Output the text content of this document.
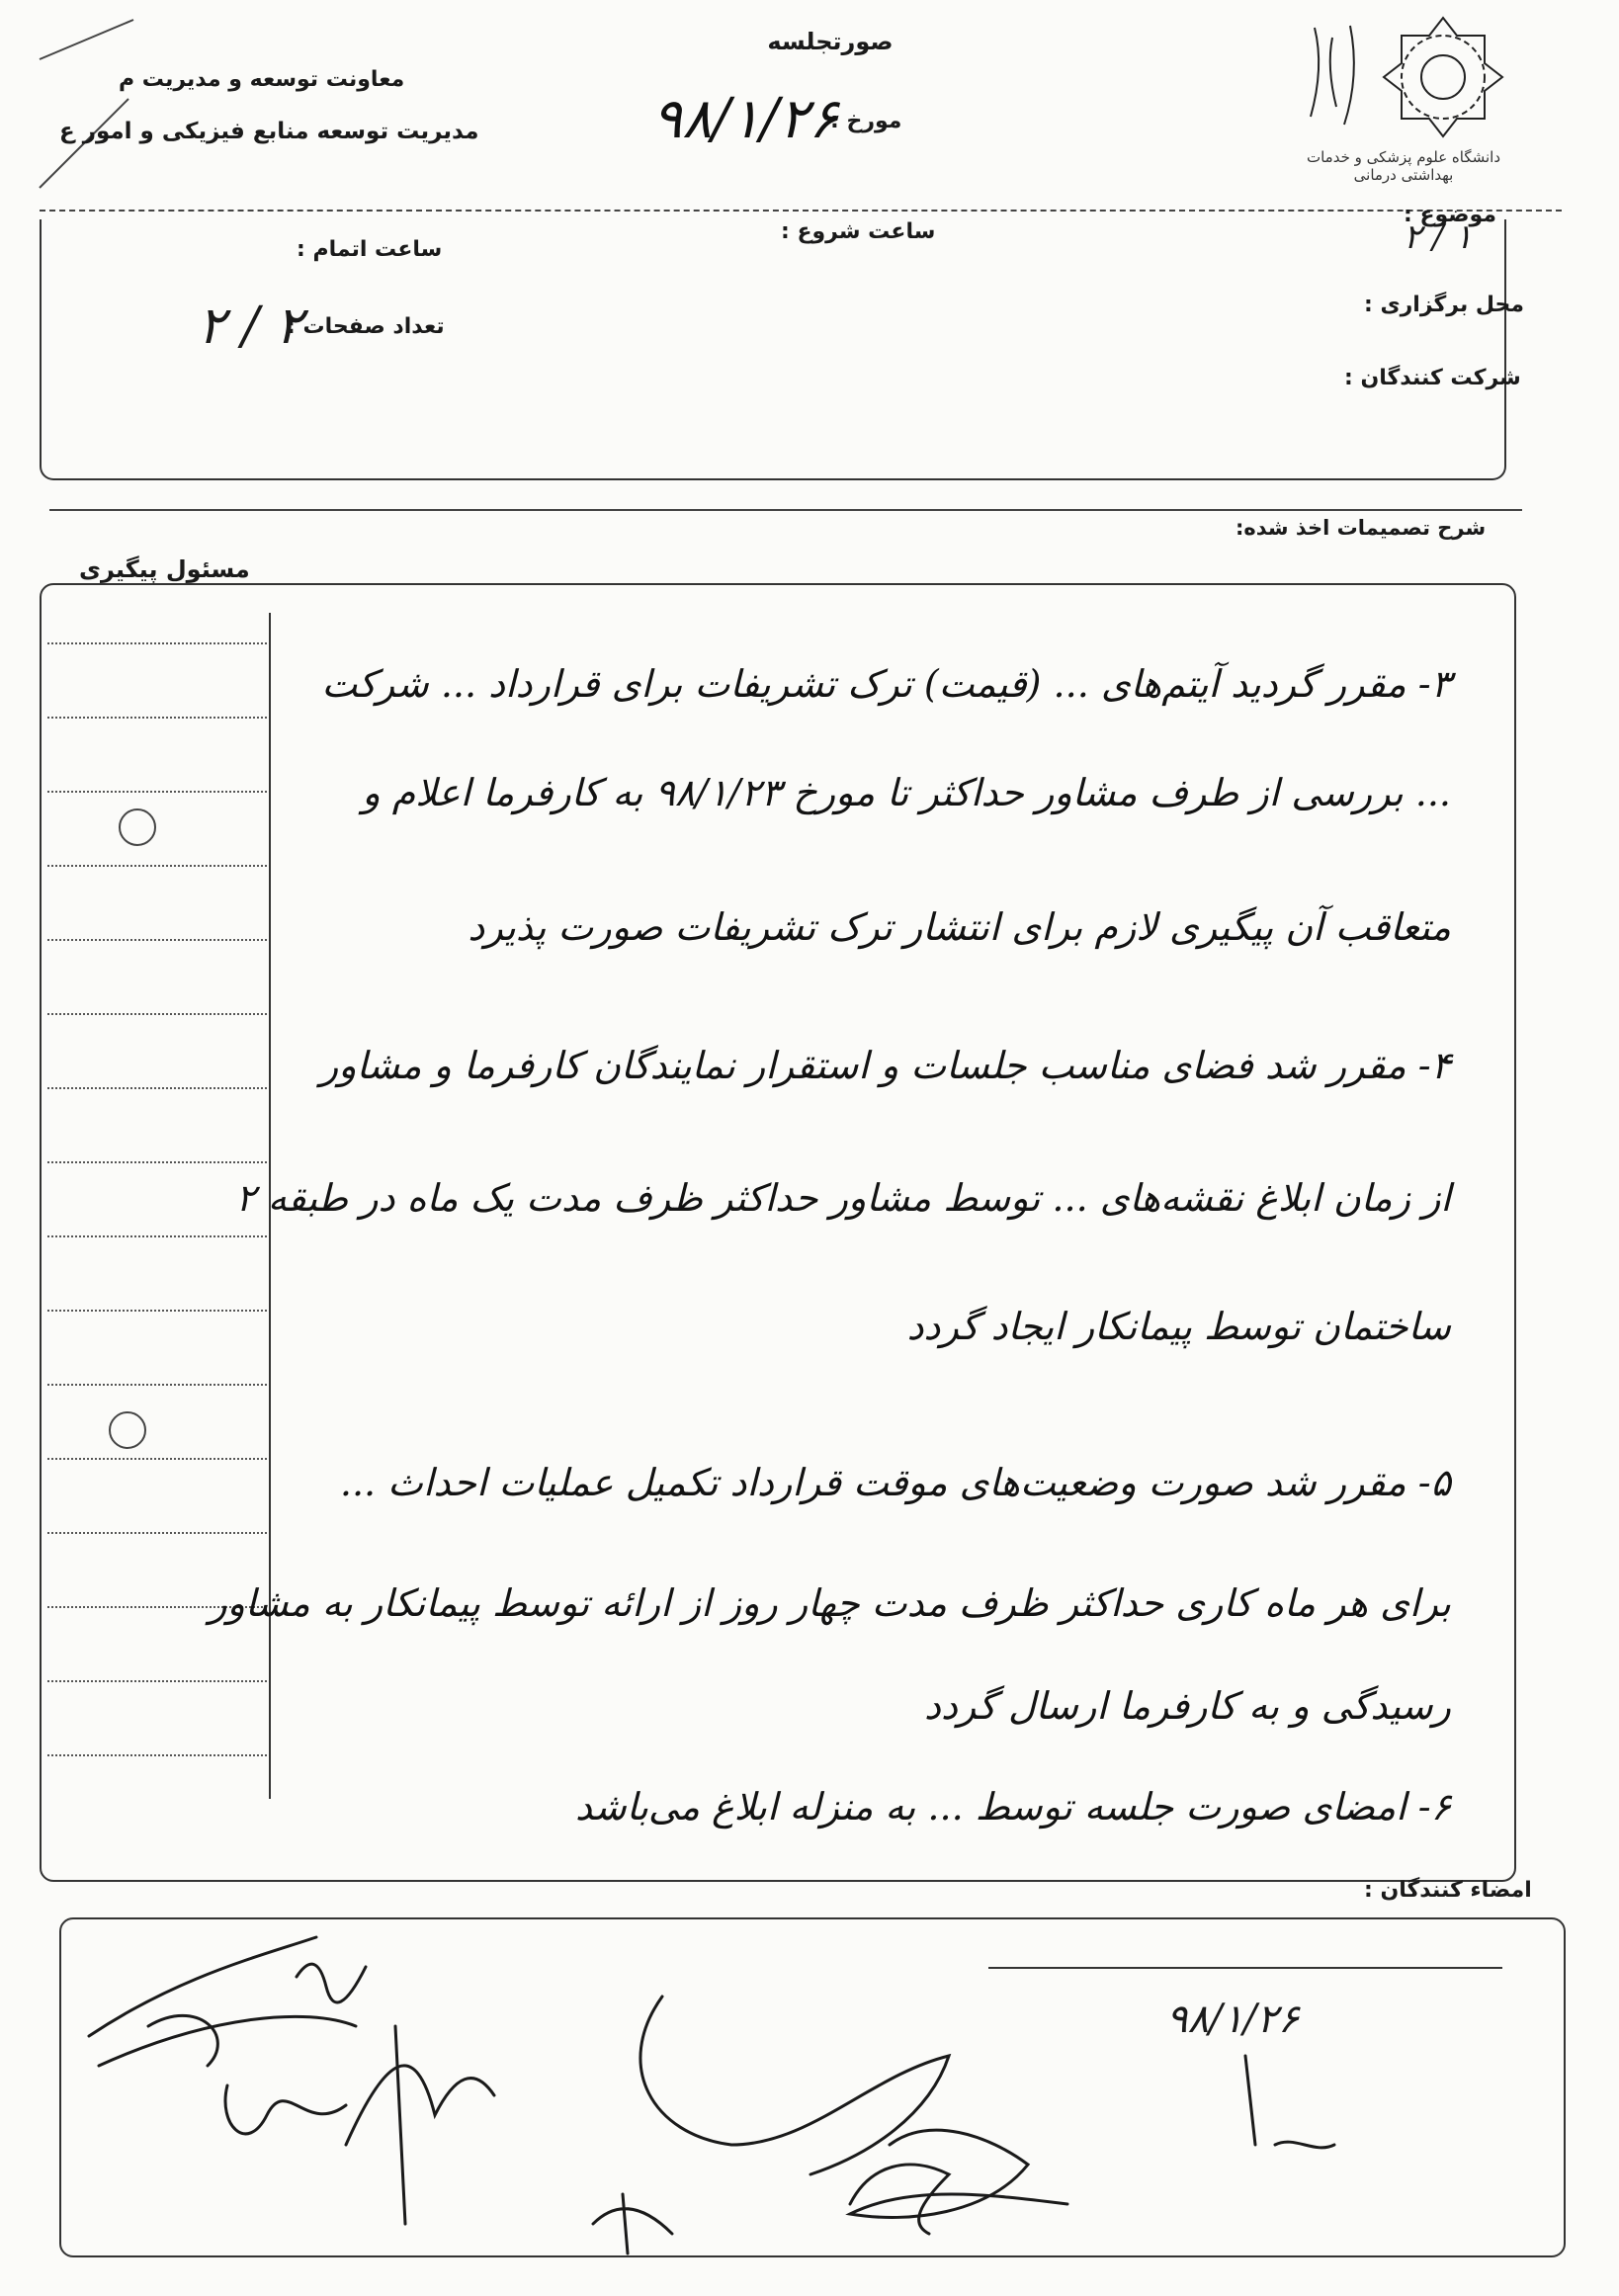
معاونت توسعه و مدیریت م
مدیریت توسعه منابع فیزیکی و امور ع
صورتجلسه
مورخ :
۹۸/۱/۲۶
دانشگاه علوم پزشکی و خدمات بهداشتی درمانی
موضوع :
۲ / ۱
ساعت شروع :
ساعت اتمام :
محل برگزاری :
تعداد صفحات :
۲ / ۲
شرکت کنندگان :
شرح تصمیمات اخذ شده:
مسئول پیگیری
۳- مقرر گردید آیتم‌های ... (قیمت) ترک تشریفات برای قرارداد ... شرکت
... بررسی از طرف مشاور حداکثر تا مورخ ۹۸/۱/۲۳ به کارفرما اعلام و
متعاقب آن پیگیری لازم برای انتشار ترک تشریفات صورت پذیرد
۴- مقرر شد فضای مناسب جلسات و استقرار نمایندگان کارفرما و مشاور
از زمان ابلاغ نقشه‌های ... توسط مشاور حداکثر ظرف مدت یک ماه در طبقه ۲
ساختمان توسط پیمانکار ایجاد گردد
۵- مقرر شد صورت وضعیت‌های موقت قرارداد تکمیل عملیات احداث ...
برای هر ماه کاری حداکثر ظرف مدت چهار روز از ارائه توسط پیمانکار به مشاور
رسیدگی و به کارفرما ارسال گردد
۶- امضای صورت جلسه توسط ... به منزله ابلاغ می‌باشد
امضاء کنندگان :
۹۸/۱/۲۶
